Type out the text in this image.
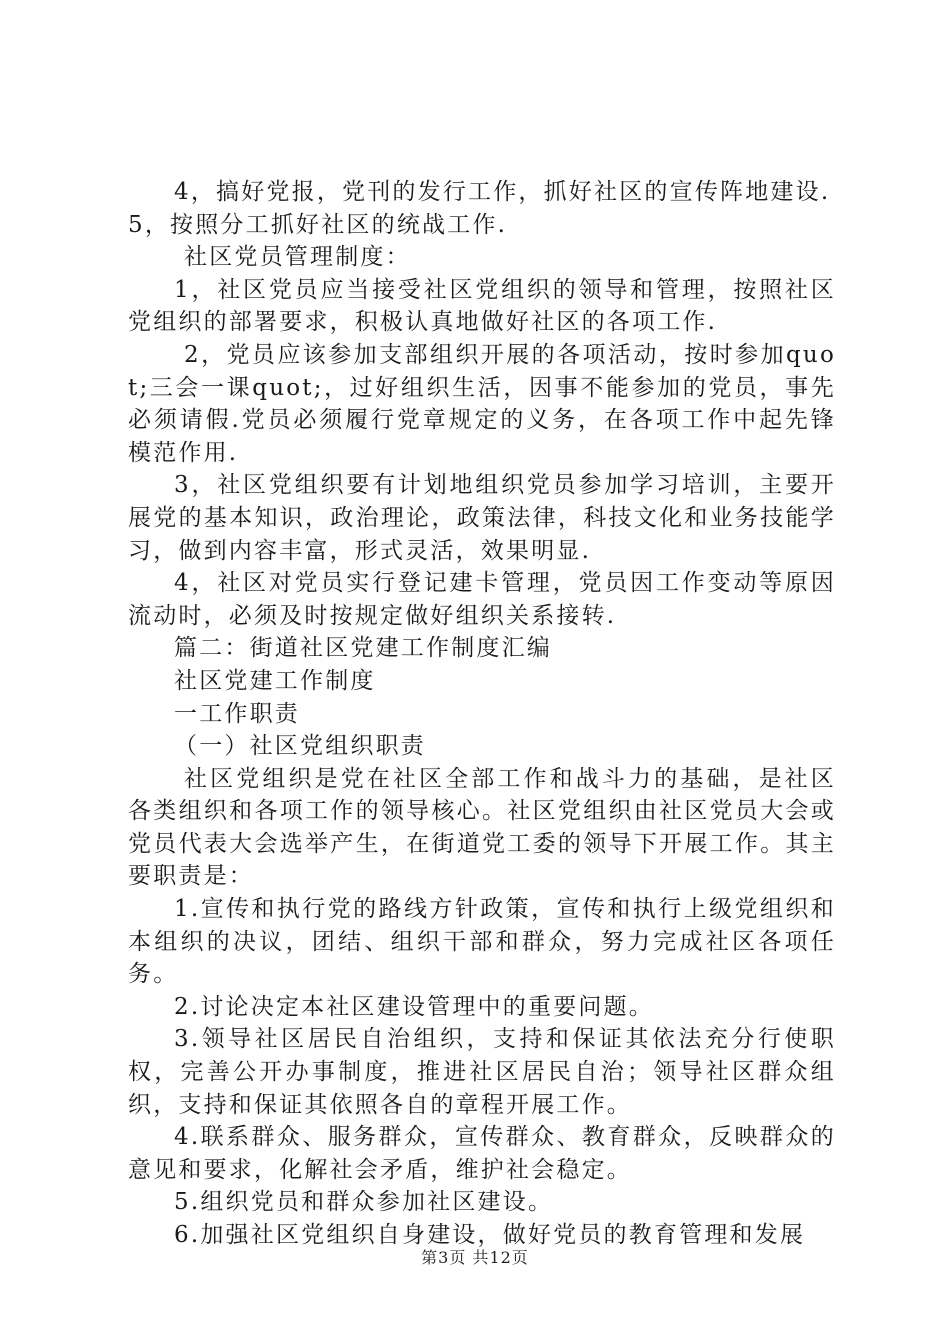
4，搞好党报，党刊的发行工作，抓好社区的宣传阵地建设.

5，按照分工抓好社区的统战工作.

社区党员管理制度：

1，社区党员应当接受社区党组织的领导和管理，按照社区党组织的部署要求，积极认真地做好社区的各项工作.

2，党员应该参加支部组织开展的各项活动，按时参加quot;三会一课quot;，过好组织生活，因事不能参加的党员，事先必须请假.党员必须履行党章规定的义务，在各项工作中起先锋模范作用.

3，社区党组织要有计划地组织党员参加学习培训，主要开展党的基本知识，政治理论，政策法律，科技文化和业务技能学习，做到内容丰富，形式灵活，效果明显.

4，社区对党员实行登记建卡管理，党员因工作变动等原因流动时，必须及时按规定做好组织关系接转.

篇二：街道社区党建工作制度汇编

社区党建工作制度

一工作职责

（一）社区党组织职责

社区党组织是党在社区全部工作和战斗力的基础，是社区各类组织和各项工作的领导核心。社区党组织由社区党员大会或党员代表大会选举产生，在街道党工委的领导下开展工作。其主要职责是：

1.宣传和执行党的路线方针政策，宣传和执行上级党组织和本组织的决议，团结、组织干部和群众，努力完成社区各项任务。

2.讨论决定本社区建设管理中的重要问题。

3.领导社区居民自治组织，支持和保证其依法充分行使职权，完善公开办事制度，推进社区居民自治；领导社区群众组织，支持和保证其依照各自的章程开展工作。

4.联系群众、服务群众，宣传群众、教育群众，反映群众的意见和要求，化解社会矛盾，维护社会稳定。

5.组织党员和群众参加社区建设。

6.加强社区党组织自身建设，做好党员的教育管理和发展

第3页 共12页
